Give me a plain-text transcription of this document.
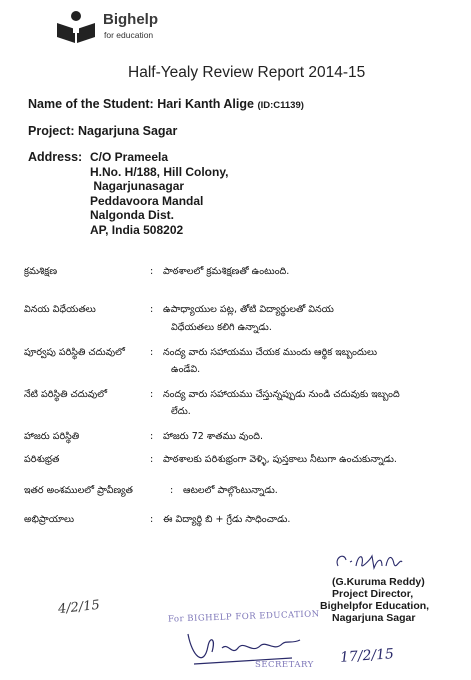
Bighelp
for education
Half-Yealy Review Report 2014-15
Name of the Student: Hari Kanth Alige (ID:C1139)
Project: Nagarjuna Sagar
Address: C/O Prameela
H.No. H/188, Hill Colony,
Nagarjunasagar
Peddavoora Mandal
Nalgonda Dist.
AP, India 508202
క్రమశిక్షణ	: పాఠశాలలో క్రమశిక్షణతో ఉంటుంది.
వినయ విధేయతలు	: ఉపాధ్యాయుల పట్ల, తోటి విద్యార్థులతో వినయ
విధేయతలు కలిగి ఉన్నాడు.
పూర్వపు పరిస్థితి చదువులో	: నంద్య వారు సహాయము చేయక ముందు ఆర్థిక ఇబ్బందులు
ఉండేవి.
నేటి పరిస్థితి చదువులో	: నంద్య వారు సహాయము చేస్తున్నప్పుడు నుండి చదువుకు ఇబ్బంది
లేదు.
హాజరు పరిస్థితి	: హాజరు 72 శాతము వుంది.
పరిశుభ్రత	: పాఠశాలకు పరిశుభ్రంగా వెళ్ళి, పుస్తకాలు నీటుగా ఉంచుకున్నాడు.
ఇతర అంశములలో ప్రావీణ్యత	: ఆటలలో పాల్గొంటున్నాడు.
అభిప్రాయాలు	: ఈ విద్యార్థి బి + గ్రేడు సాధించాడు.
(G.Kuruma Reddy)
Project Director,
Bighelpfor Education,
Nagarjuna Sagar
4/2/15	For BIGHELP FOR EDUCATION
SECRETARY 17/2/15
